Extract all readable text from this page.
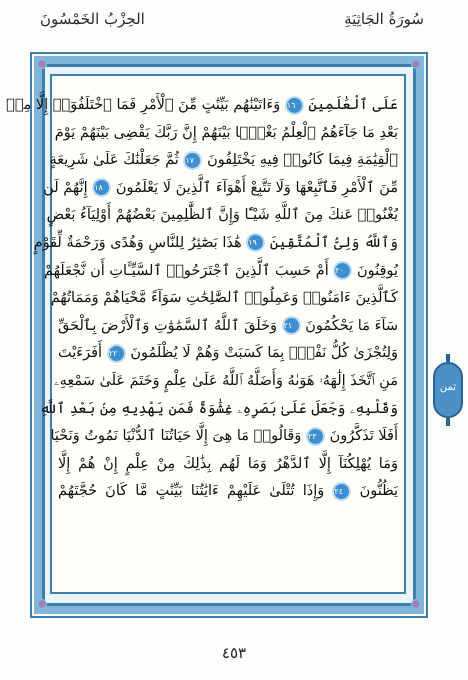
الحِزْبُ الخَمْسُونَ	سُورَةُ الجَاثِيَةِ
عَلَى ٱلْعَٰلَمِينَ ١٦ وَءَاتَيْنَٰهُم بَيِّنَٰتٍ مِّنَ ٱلْأَمْرِ فَمَا ٱخْتَلَفُوٓا۟ إِلَّا مِنۢ
بَعْدِ مَا جَآءَهُمُ ٱلْعِلْمُ بَغْيًۢا بَيْنَهُمْ إِنَّ رَبَّكَ يَقْضِى بَيْنَهُمْ يَوْمَ
ٱلْقِيَٰمَةِ فِيمَا كَانُوا۟ فِيهِ يَخْتَلِفُونَ ١٧ ثُمَّ جَعَلْنَٰكَ عَلَىٰ شَرِيعَةٍ
مِّنَ ٱلْأَمْرِ فَٱتَّبِعْهَا وَلَا تَتَّبِعْ أَهْوَآءَ ٱلَّذِينَ لَا يَعْلَمُونَ ١٨ إِنَّهُمْ لَن
يُغْنُوا۟ عَنكَ مِنَ ٱللَّهِ شَيْـًٔا وَإِنَّ ٱلظَّٰلِمِينَ بَعْضُهُمْ أَوْلِيَآءُ بَعْضٍ
وَٱللَّهُ وَلِىُّ ٱلْمُتَّقِينَ ١٩ هَٰذَا بَصَٰٓئِرُ لِلنَّاسِ وَهُدًى وَرَحْمَةٌ لِّقَوْمٍ
يُوقِنُونَ ٢٠ أَمْ حَسِبَ ٱلَّذِينَ ٱجْتَرَحُوا۟ ٱلسَّيِّـَٔاتِ أَن نَّجْعَلَهُمْ
كَٱلَّذِينَ ءَامَنُوا۟ وَعَمِلُوا۟ ٱلصَّٰلِحَٰتِ سَوَآءً مَّحْيَاهُمْ وَمَمَاتُهُمْ
سَآءَ مَا يَحْكُمُونَ ٢١ وَخَلَقَ ٱللَّهُ ٱلسَّمَٰوَٰتِ وَٱلْأَرْضَ بِٱلْحَقِّ
وَلِتُجْزَىٰ كُلُّ نَفْسٍۭ بِمَا كَسَبَتْ وَهُمْ لَا يُظْلَمُونَ ٢٢ أَفَرَءَيْتَ
مَنِ ٱتَّخَذَ إِلَٰهَهُۥ هَوَىٰهُ وَأَضَلَّهُ ٱللَّهُ عَلَىٰ عِلْمٍ وَخَتَمَ عَلَىٰ سَمْعِهِۦ
وَقَلْبِهِۦ وَجَعَلَ عَلَىٰ بَصَرِهِۦ غِشَٰوَةً فَمَن يَهْدِيهِ مِنۢ بَعْدِ ٱللَّهِ
أَفَلَا تَذَكَّرُونَ ٢٣ وَقَالُوا۟ مَا هِىَ إِلَّا حَيَاتُنَا ٱلدُّنْيَا نَمُوتُ وَنَحْيَا
وَمَا يُهْلِكُنَآ إِلَّا ٱلدَّهْرُ وَمَا لَهُم بِذَٰلِكَ مِنْ عِلْمٍ إِنْ هُمْ إِلَّا
يَظُنُّونَ ٢٤ وَإِذَا تُتْلَىٰ عَلَيْهِمْ ءَايَٰتُنَا بَيِّنَٰتٍ مَّا كَانَ حُجَّتَهُمْ
ثمن
٤٥٣
